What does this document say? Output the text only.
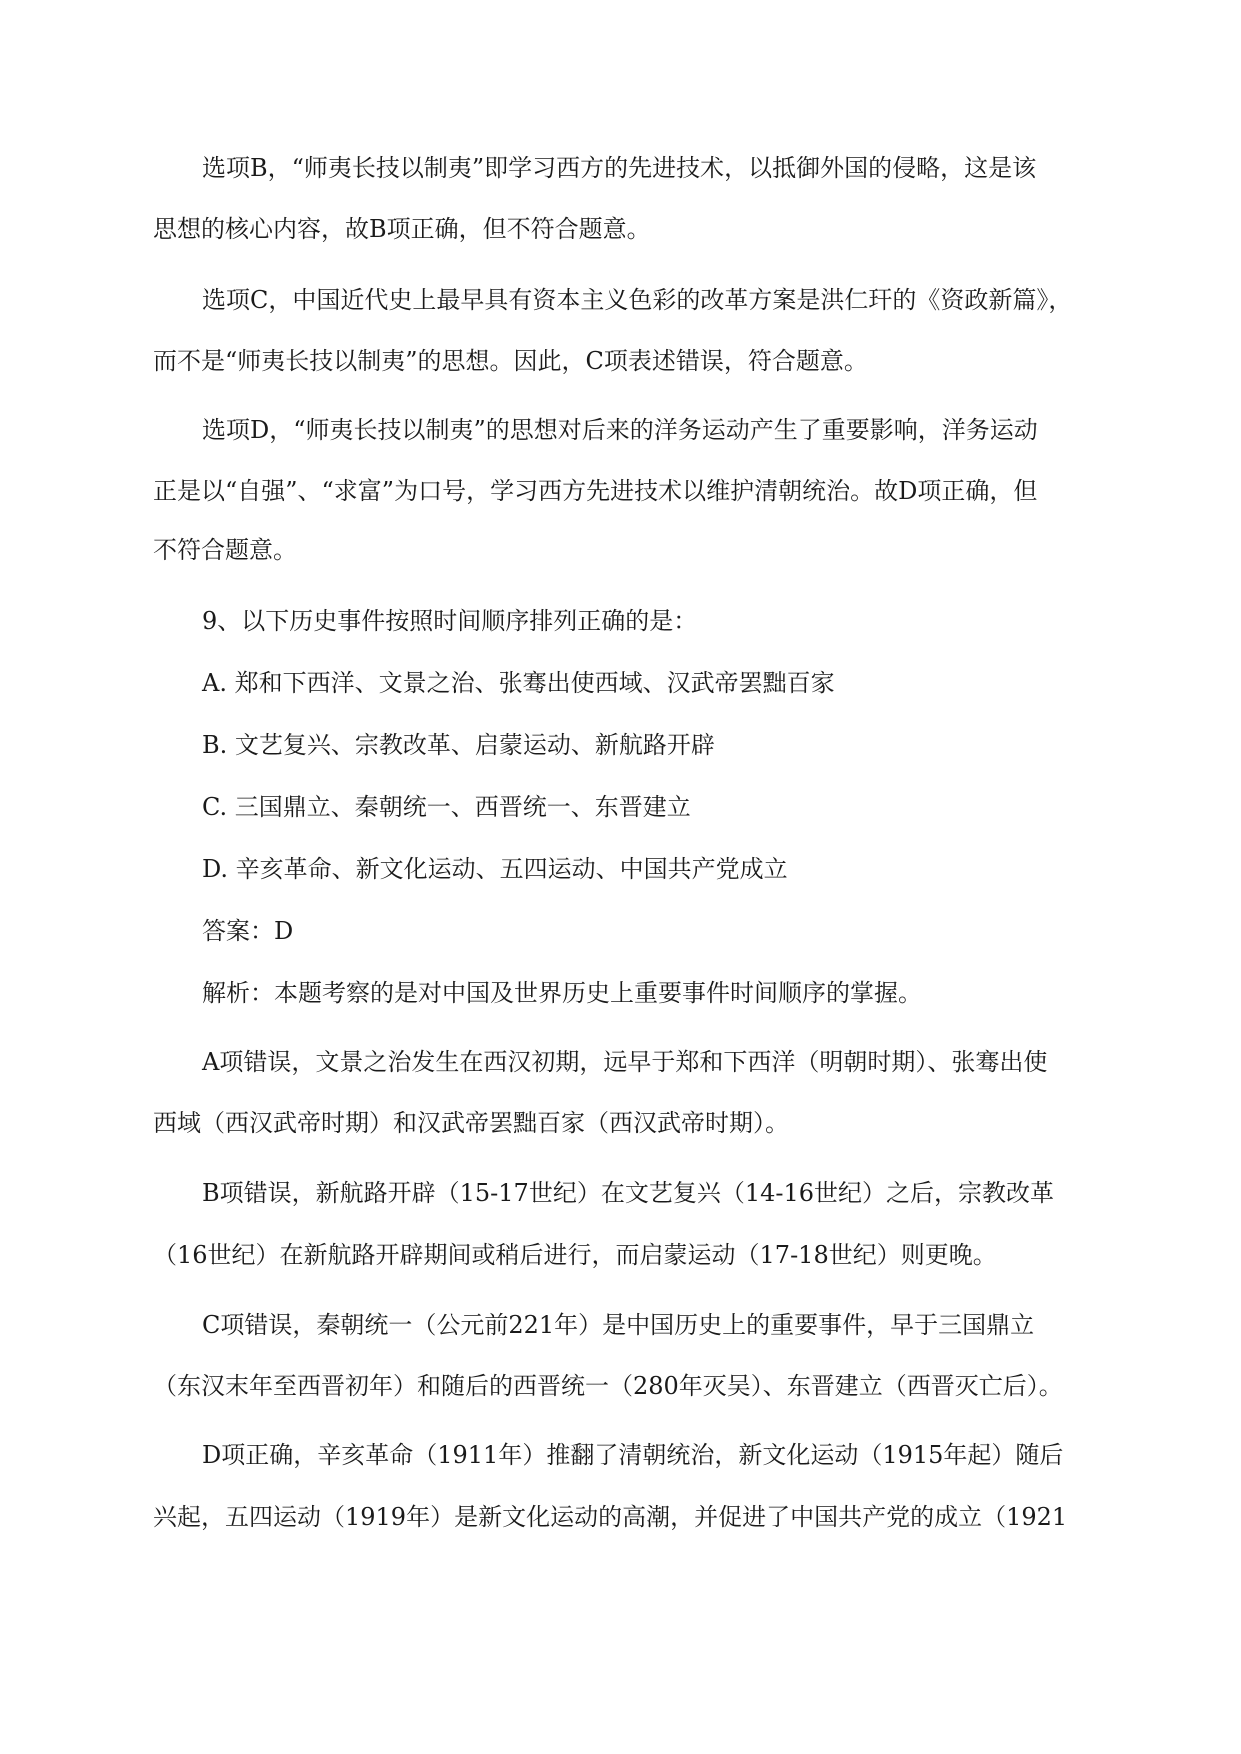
选项B，“师夷长技以制夷”即学习西方的先进技术，以抵御外国的侵略，这是该
思想的核心内容，故B项正确，但不符合题意。
选项C，中国近代史上最早具有资本主义色彩的改革方案是洪仁玕的《资政新篇》，
而不是“师夷长技以制夷”的思想。因此，C项表述错误，符合题意。
选项D，“师夷长技以制夷”的思想对后来的洋务运动产生了重要影响，洋务运动
正是以“自强”、“求富”为口号，学习西方先进技术以维护清朝统治。故D项正确，但
不符合题意。
9、以下历史事件按照时间顺序排列正确的是：
A. 郑和下西洋、文景之治、张骞出使西域、汉武帝罢黜百家
B. 文艺复兴、宗教改革、启蒙运动、新航路开辟
C. 三国鼎立、秦朝统一、西晋统一、东晋建立
D. 辛亥革命、新文化运动、五四运动、中国共产党成立
答案：D
解析：本题考察的是对中国及世界历史上重要事件时间顺序的掌握。
A项错误，文景之治发生在西汉初期，远早于郑和下西洋（明朝时期）、张骞出使
西域（西汉武帝时期）和汉武帝罢黜百家（西汉武帝时期）。
B项错误，新航路开辟（15-17世纪）在文艺复兴（14-16世纪）之后，宗教改革
（16世纪）在新航路开辟期间或稍后进行，而启蒙运动（17-18世纪）则更晚。
C项错误，秦朝统一（公元前221年）是中国历史上的重要事件，早于三国鼎立
（东汉末年至西晋初年）和随后的西晋统一（280年灭吴）、东晋建立（西晋灭亡后）。
D项正确，辛亥革命（1911年）推翻了清朝统治，新文化运动（1915年起）随后
兴起，五四运动（1919年）是新文化运动的高潮，并促进了中国共产党的成立（1921
